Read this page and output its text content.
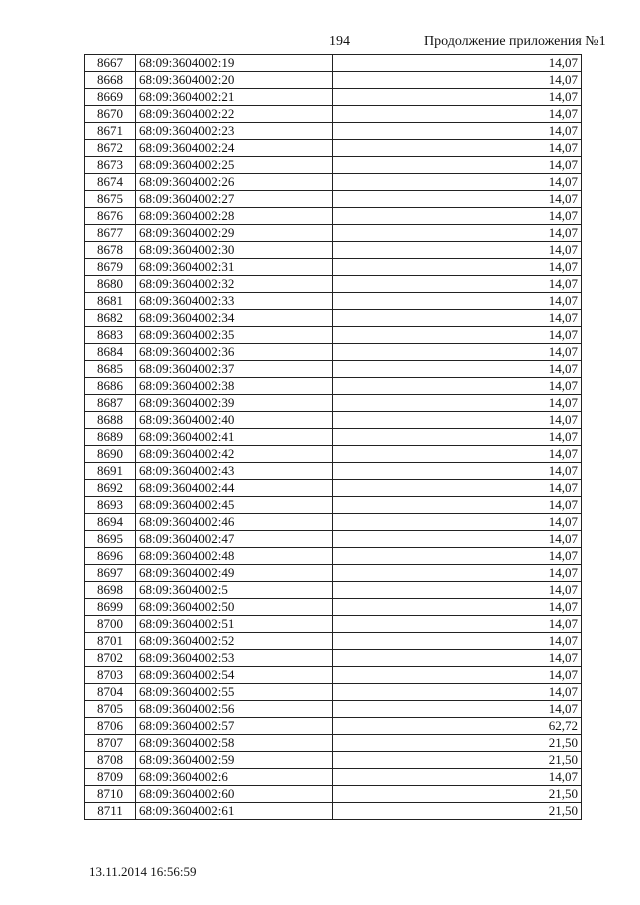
194	Продолжение приложения №1
8667	68:09:3604002:19	14,07
8668	68:09:3604002:20	14,07
8669	68:09:3604002:21	14,07
8670	68:09:3604002:22	14,07
8671	68:09:3604002:23	14,07
8672	68:09:3604002:24	14,07
8673	68:09:3604002:25	14,07
8674	68:09:3604002:26	14,07
8675	68:09:3604002:27	14,07
8676	68:09:3604002:28	14,07
8677	68:09:3604002:29	14,07
8678	68:09:3604002:30	14,07
8679	68:09:3604002:31	14,07
8680	68:09:3604002:32	14,07
8681	68:09:3604002:33	14,07
8682	68:09:3604002:34	14,07
8683	68:09:3604002:35	14,07
8684	68:09:3604002:36	14,07
8685	68:09:3604002:37	14,07
8686	68:09:3604002:38	14,07
8687	68:09:3604002:39	14,07
8688	68:09:3604002:40	14,07
8689	68:09:3604002:41	14,07
8690	68:09:3604002:42	14,07
8691	68:09:3604002:43	14,07
8692	68:09:3604002:44	14,07
8693	68:09:3604002:45	14,07
8694	68:09:3604002:46	14,07
8695	68:09:3604002:47	14,07
8696	68:09:3604002:48	14,07
8697	68:09:3604002:49	14,07
8698	68:09:3604002:5	14,07
8699	68:09:3604002:50	14,07
8700	68:09:3604002:51	14,07
8701	68:09:3604002:52	14,07
8702	68:09:3604002:53	14,07
8703	68:09:3604002:54	14,07
8704	68:09:3604002:55	14,07
8705	68:09:3604002:56	14,07
8706	68:09:3604002:57	62,72
8707	68:09:3604002:58	21,50
8708	68:09:3604002:59	21,50
8709	68:09:3604002:6	14,07
8710	68:09:3604002:60	21,50
8711	68:09:3604002:61	21,50
13.11.2014 16:56:59
